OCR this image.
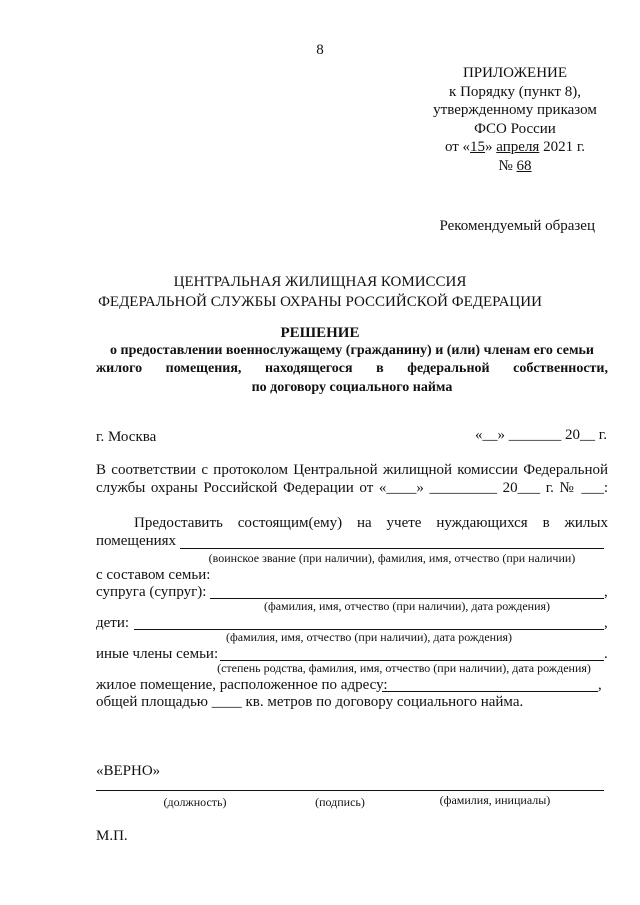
8
ПРИЛОЖЕНИЕ
к Порядку (пункт 8),
утвержденному приказом
ФСО России
от «15» апреля 2021 г.
№ 68
Рекомендуемый образец
ЦЕНТРАЛЬНАЯ ЖИЛИЩНАЯ КОМИССИЯ
ФЕДЕРАЛЬНОЙ СЛУЖБЫ ОХРАНЫ РОССИЙСКОЙ ФЕДЕРАЦИИ
РЕШЕНИЕ
о предоставлении военнослужащему (гражданину) и (или) членам его семьи
жилого помещения, находящегося в федеральной собственности,
по договору социального найма
г. Москва	«__» _______ 20__ г.
В соответствии с протоколом Центральной жилищной комиссии Федеральной
службы охраны Российской Федерации от «____» _________ 20___ г. № ___:
Предоставить состоящим(ему) на учете нуждающихся в жилых
помещениях
(воинское звание (при наличии), фамилия, имя, отчество (при наличии)
с составом семьи:
супруга (супруг):	,
(фамилия, имя, отчество (при наличии), дата рождения)
дети:	,
(фамилия, имя, отчество (при наличии), дата рождения)
иные члены семьи:	.
(степень родства, фамилия, имя, отчество (при наличии), дата рождения)
жилое помещение, расположенное по адресу:	,
общей площадью ____ кв. метров по договору социального найма.
«ВЕРНО»
(должность)	(подпись)	(фамилия, инициалы)
М.П.
